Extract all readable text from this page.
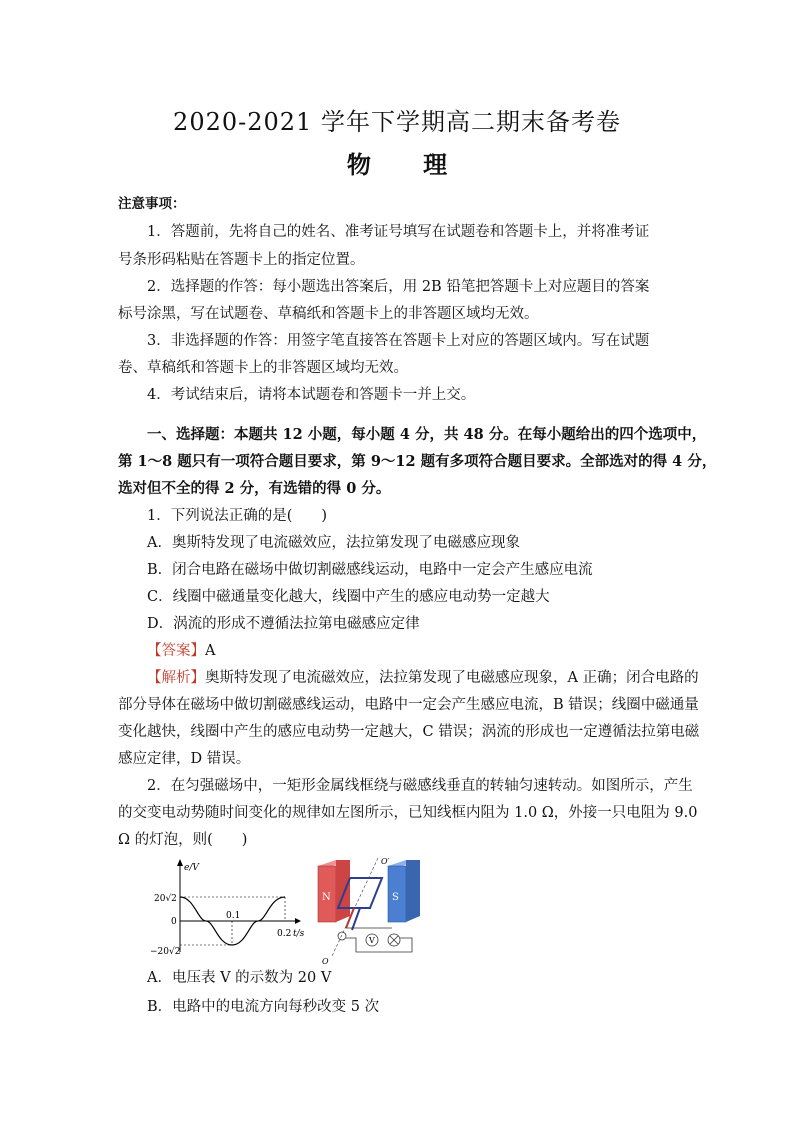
2020-2021 学年下学期高二期末备考卷
物 理
注意事项：
1．答题前，先将自己的姓名、准考证号填写在试题卷和答题卡上，并将准考证
号条形码粘贴在答题卡上的指定位置。
2．选择题的作答：每小题选出答案后，用 2B 铅笔把答题卡上对应题目的答案
标号涂黑，写在试题卷、草稿纸和答题卡上的非答题区域均无效。
3．非选择题的作答：用签字笔直接答在答题卡上对应的答题区域内。写在试题
卷、草稿纸和答题卡上的非答题区域均无效。
4．考试结束后，请将本试题卷和答题卡一并上交。
一、选择题：本题共 12 小题，每小题 4 分，共 48 分。在每小题给出的四个选项中，
第 1～8 题只有一项符合题目要求，第 9～12 题有多项符合题目要求。全部选对的得 4 分，
选对但不全的得 2 分，有选错的得 0 分。
1．下列说法正确的是(　　)
A．奥斯特发现了电流磁效应，法拉第发现了电磁感应现象
B．闭合电路在磁场中做切割磁感线运动，电路中一定会产生感应电流
C．线圈中磁通量变化越大，线圈中产生的感应电动势一定越大
D．涡流的形成不遵循法拉第电磁感应定律
【答案】A
【解析】奥斯特发现了电流磁效应，法拉第发现了电磁感应现象，A 正确；闭合电路的
部分导体在磁场中做切割磁感线运动，电路中一定会产生感应电流，B 错误；线圈中磁通量
变化越快，线圈中产生的感应电动势一定越大，C 错误；涡流的形成也一定遵循法拉第电磁
感应定律，D 错误。
2．在匀强磁场中，一矩形金属线框绕与磁感线垂直的转轴匀速转动。如图所示，产生
的交变电动势随时间变化的规律如左图所示，已知线框内阻为 1.0 Ω，外接一只电阻为 9.0
Ω 的灯泡，则(　　)
e/V
t/s
20√2
0
−20√2
0.1
0.2
N	S
O′
O
V
A．电压表 V 的示数为 20 V
B．电路中的电流方向每秒改变 5 次
